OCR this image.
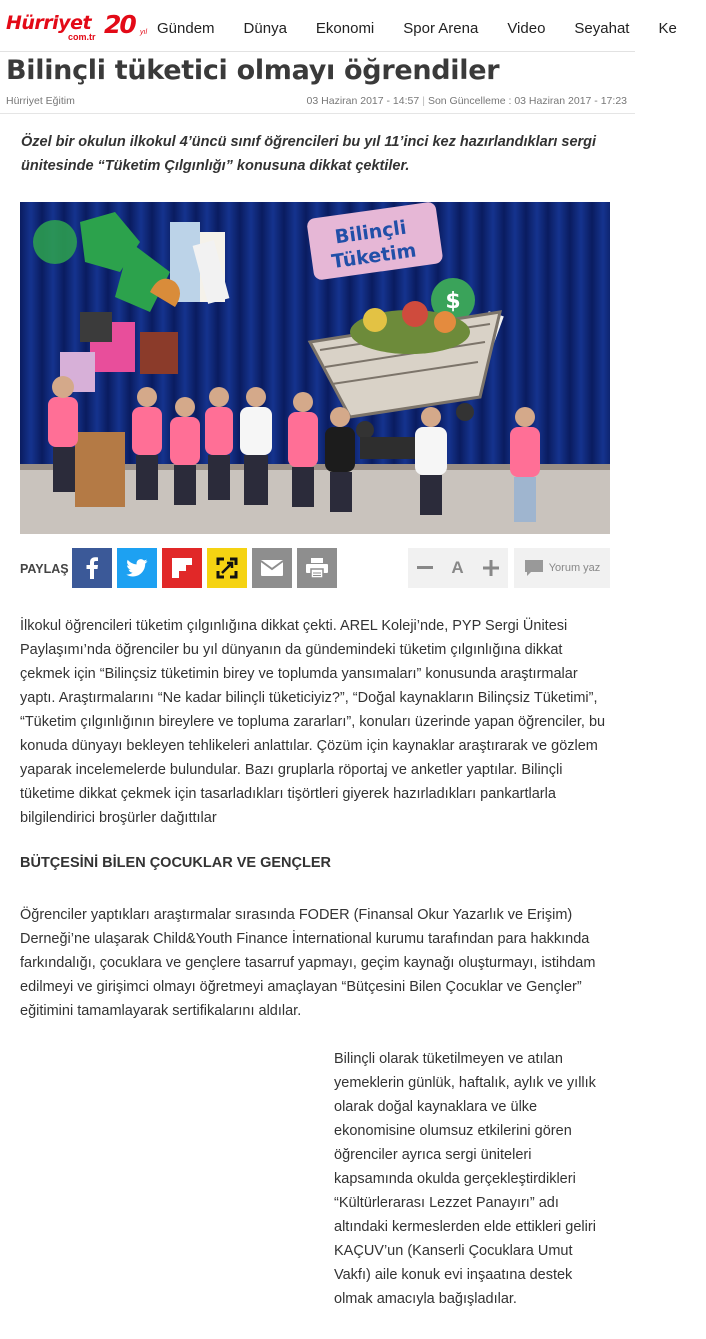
Hürriyet
com.tr 20 yıl Gündem Dünya Ekonomi Spor Arena Video Seyahat Ke
Bilinçli tüketici olmayı öğrendiler
Hürriyet Eğitim	03 Haziran 2017 - 14:57 | Son Güncelleme : 03 Haziran 2017 - 17:23
Özel bir okulun ilkokul 4’üncü sınıf öğrencileri bu yıl 11’inci kez hazırlandıkları sergi ünitesinde “Tüketim Çılgınlığı” konusuna dikkat çektiler.
Bilinçli
Tüketim
$
PAYLAŞ	A	Yorum yaz

İlkokul öğrencileri tüketim çılgınlığına dikkat çekti. AREL Koleji’nde, PYP Sergi Ünitesi Paylaşımı’nda öğrenciler bu yıl dünyanın da gündemindeki tüketim çılgınlığına dikkat çekmek için “Bilinçsiz tüketimin birey ve toplumda yansımaları” konusunda araştırmalar yaptı. Araştırmalarını “Ne kadar bilinçli tüketiciyiz?”, “Doğal kaynakların Bilinçsiz Tüketimi”, “Tüketim çılgınlığının bireylere ve topluma zararları”, konuları üzerinde yapan öğrenciler, bu konuda dünyayı bekleyen tehlikeleri anlattılar. Çözüm için kaynaklar araştırarak ve gözlem yaparak incelemelerde bulundular. Bazı gruplarla röportaj ve anketler yaptılar. Bilinçli tüketime dikkat çekmek için tasarladıkları tişörtleri giyerek hazırladıkları pankartlarla bilgilendirici broşürler dağıttılar

BÜTÇESİNİ BİLEN ÇOCUKLAR VE GENÇLER

Öğrenciler yaptıkları araştırmalar sırasında FODER (Finansal Okur Yazarlık ve Erişim) Derneği’ne ulaşarak Child&Youth Finance İnternational kurumu tarafından para hakkında farkındalığı, çocuklara ve gençlere tasarruf yapmayı, geçim kaynağı oluşturmayı, istihdam edilmeyi ve girişimci olmayı öğretmeyi amaçlayan “Bütçesini Bilen Çocuklar ve Gençler” eğitimini tamamlayarak sertifikalarını aldılar.

Bilinçli olarak tüketilmeyen ve atılan yemeklerin günlük, haftalık, aylık ve yıllık olarak doğal kaynaklara ve ülke ekonomisine olumsuz etkilerini gören öğrenciler ayrıca sergi üniteleri kapsamında okulda gerçekleştirdikleri “Kültürlerarası Lezzet Panayırı” adı altındaki kermeslerden elde ettikleri geliri KAÇUV’un (Kanserli Çocuklara Umut Vakfı) aile konuk evi inşaatına destek olmak amacıyla bağışladılar.
